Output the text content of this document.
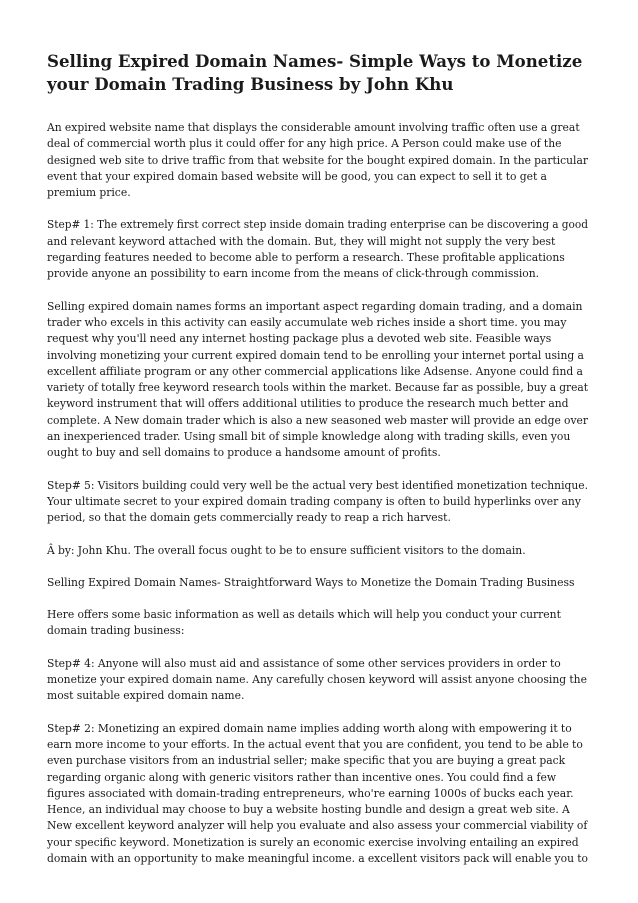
Selling Expired Domain Names- Simple Ways to Monetize
your Domain Trading Business by John Khu
An expired website name that displays the considerable amount involving traffic often use a great
deal of commercial worth plus it could offer for any high price. A Person could make use of the
designed web site to drive traffic from that website for the bought expired domain. In the particular
event that your expired domain based website will be good, you can expect to sell it to get a
premium price.
Step# 1: The extremely first correct step inside domain trading enterprise can be discovering a good
and relevant keyword attached with the domain. But, they will might not supply the very best
regarding features needed to become able to perform a research. These profitable applications
provide anyone an possibility to earn income from the means of click-through commission.
Selling expired domain names forms an important aspect regarding domain trading, and a domain
trader who excels in this activity can easily accumulate web riches inside a short time. you may
request why you'll need any internet hosting package plus a devoted web site. Feasible ways
involving monetizing your current expired domain tend to be enrolling your internet portal using a
excellent affiliate program or any other commercial applications like Adsense. Anyone could find a
variety of totally free keyword research tools within the market. Because far as possible, buy a great
keyword instrument that will offers additional utilities to produce the research much better and
complete. A New domain trader which is also a new seasoned web master will provide an edge over
an inexperienced trader. Using small bit of simple knowledge along with trading skills, even you
ought to buy and sell domains to produce a handsome amount of profits.
Step# 5: Visitors building could very well be the actual very best identified monetization technique.
Your ultimate secret to your expired domain trading company is often to build hyperlinks over any
period, so that the domain gets commercially ready to reap a rich harvest.
Â by: John Khu. The overall focus ought to be to ensure sufficient visitors to the domain.
Selling Expired Domain Names- Straightforward Ways to Monetize the Domain Trading Business
Here offers some basic information as well as details which will help you conduct your current
domain trading business:
Step# 4: Anyone will also must aid and assistance of some other services providers in order to
monetize your expired domain name. Any carefully chosen keyword will assist anyone choosing the
most suitable expired domain name.
Step# 2: Monetizing an expired domain name implies adding worth along with empowering it to
earn more income to your efforts. In the actual event that you are confident, you tend to be able to
even purchase visitors from an industrial seller; make specific that you are buying a great pack
regarding organic along with generic visitors rather than incentive ones. You could find a few
figures associated with domain-trading entrepreneurs, who're earning 1000s of bucks each year.
Hence, an individual may choose to buy a website hosting bundle and design a great web site. A
New excellent keyword analyzer will help you evaluate and also assess your commercial viability of
your specific keyword. Monetization is surely an economic exercise involving entailing an expired
domain with an opportunity to make meaningful income. a excellent visitors pack will enable you to
